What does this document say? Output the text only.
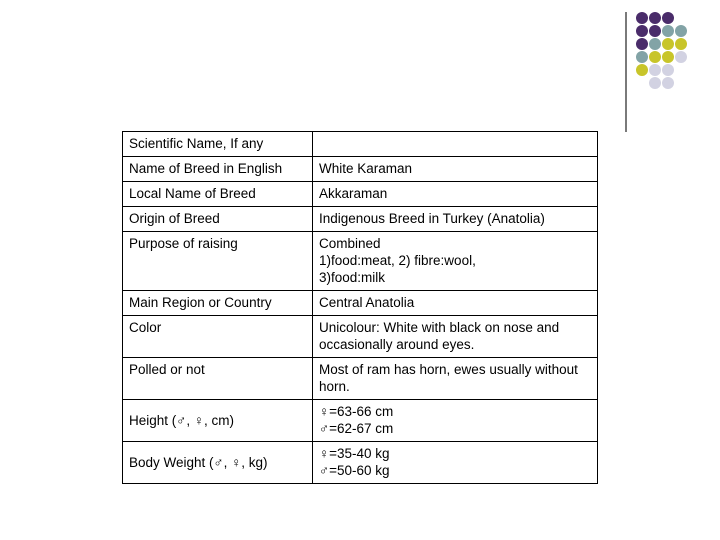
Scientific Name, If any	
Name of Breed in English	White Karaman
Local Name of Breed	Akkaraman
Origin of Breed	Indigenous Breed in Turkey (Anatolia)
Purpose of raising	Combined
1)food:meat, 2) fibre:wool,
3)food:milk
Main Region or Country	Central Anatolia
Color	Unicolour: White with black on nose and occasionally around eyes.
Polled or not	Most of ram has horn, ewes usually without horn.
Height (♂, ♀, cm)	♀=63-66 cm
♂=62-67 cm
Body Weight (♂, ♀, kg)	♀=35-40 kg
♂=50-60 kg
